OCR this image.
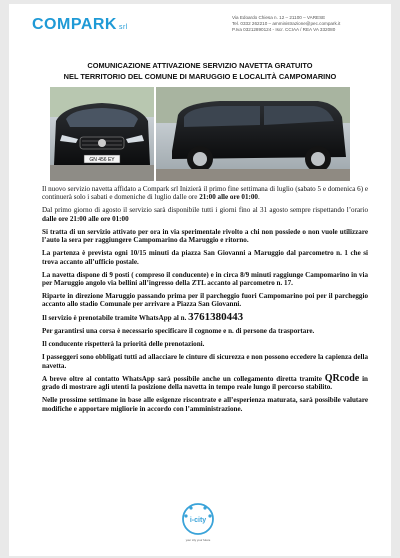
COMPARK srl
Via Edoardo Chiesa n. 12 – 21100 – VARESE
Tel. 0332 262210 – amministrazione@pec.compark.it
P.Iva 03212890124 - Iscr. CCIAA / REA VA 332080
COMUNICAZIONE ATTIVAZIONE SERVIZIO NAVETTA GRATUITO
NEL TERRITORIO DEL COMUNE DI MARUGGIO E LOCALITÀ CAMPOMARINO
GN 456 EY

Il nuovo servizio navetta affidato a Compark srl Inizierà il primo fine settimana di luglio (sabato 5 e domenica 6) e continuerà solo i sabati e domeniche di luglio dalle ore 21:00 alle ore 01:00.

Dal primo giorno di agosto il servizio sarà disponibile tutti i giorni fino al 31 agosto sempre rispettando l’orario dalle ore 21:00 alle ore 01:00

Si tratta di un servizio attivato per ora in via sperimentale rivolto a chi non possiede o non vuole utilizzare l’auto la sera per raggiungere Campomarino da Maruggio e ritorno.

La partenza è prevista ogni 10/15 minuti da piazza San Giovanni a Maruggio dal parcometro n. 1 che si trova accanto all’ufficio postale.

La navetta dispone di 9 posti ( compreso il conducente) e in circa 8/9 minuti raggiunge Campomarino in via per Maruggio angolo via bellini all’ingresso della ZTL accanto al parcometro n. 17.

Riparte in direzione Maruggio passando prima per il parcheggio fuori Campomarino poi per il parcheggio accanto allo stadio Comunale per arrivare a Piazza San Giovanni.

Il servizio è prenotabile tramite WhatsApp al n. 3761380443

Per garantirsi una corsa è necessario specificare il cognome e n. di persone da trasportare.

Il conducente rispetterà la priorità delle prenotazioni.

I passeggeri sono obbligati tutti ad allacciare le cinture di sicurezza e non possono eccedere la capienza della navetta.

A breve oltre al contatto WhatsApp sarà possibile anche un collegamento diretta tramite QRcode in grado di mostrare agli utenti la posizione della navetta in tempo reale lungo il percorso stabilito.

Nelle prossime settimane in base alle esigenze riscontrate e all’esperienza maturata, sarà possibile valutare modifiche e apportare migliorie in accordo con l’amministrazione.

i-city
your city your future
